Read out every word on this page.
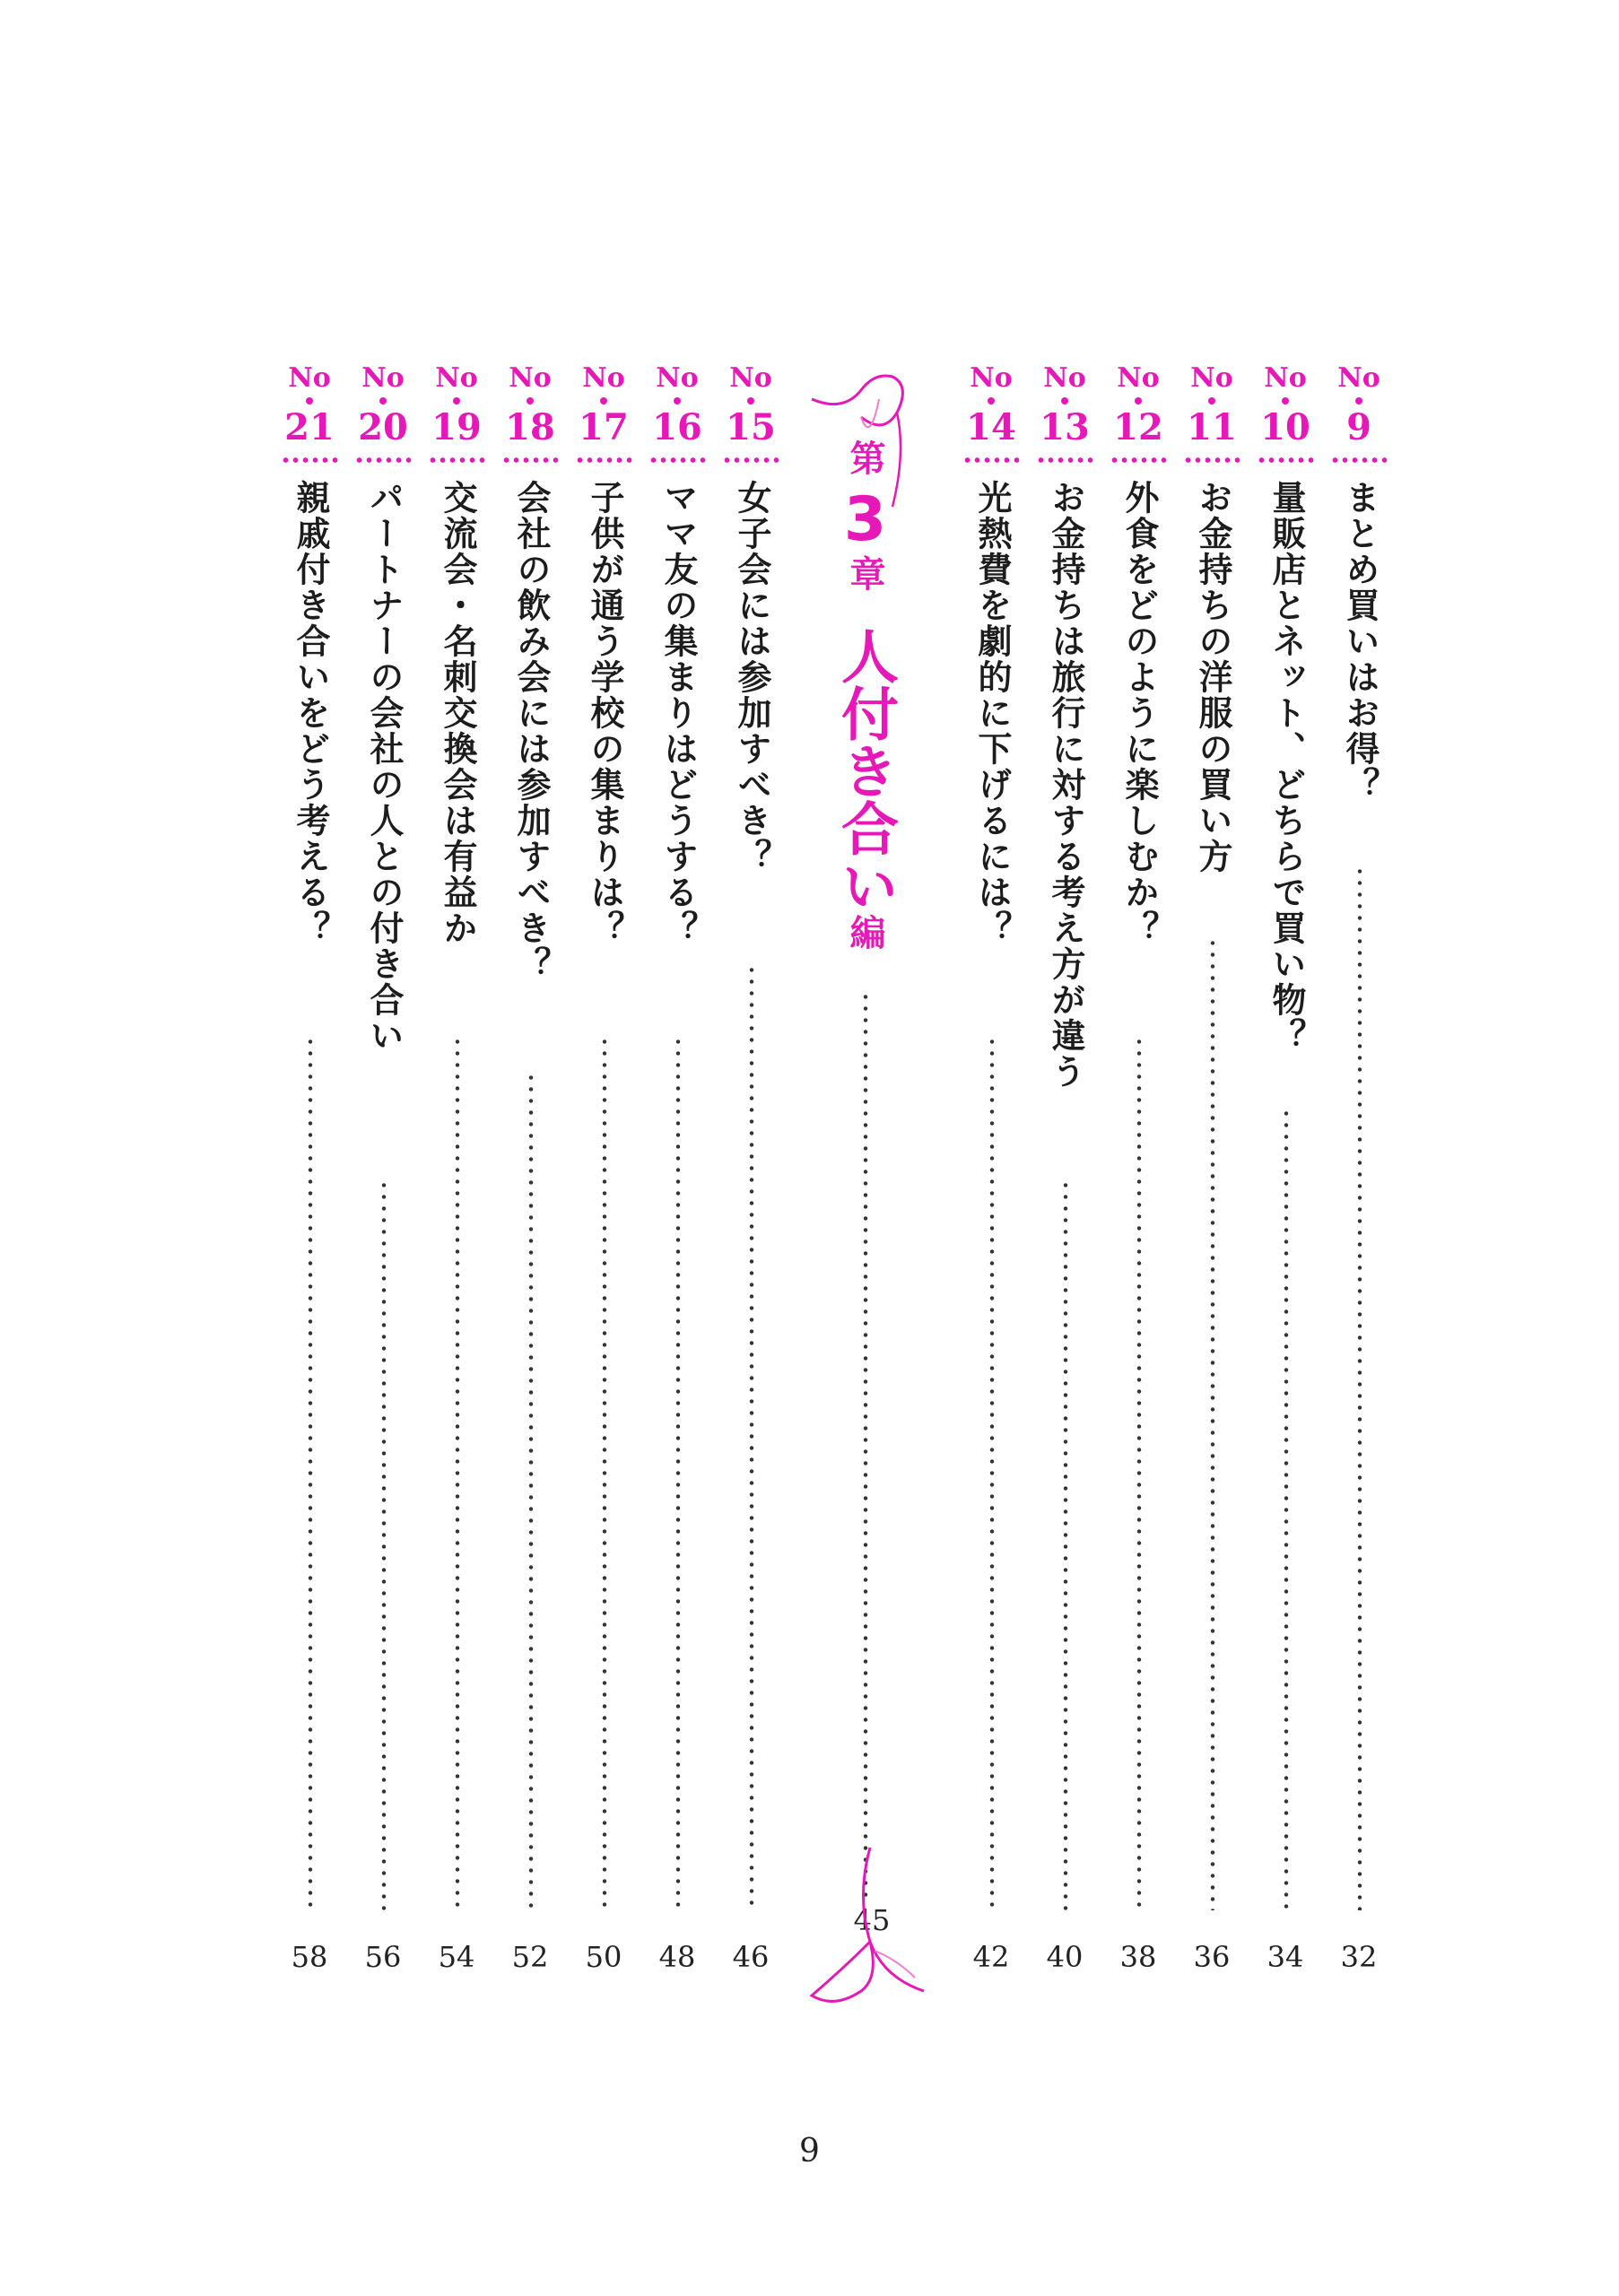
No
9
まとめ買いはお得？
32
No
10
量販店とネット、どちらで買い物？
34
No
11
お金持ちの洋服の買い方
36
No
12
外食をどのように楽しむか？
38
No
13
お金持ちは旅行に対する考え方が違う
40
No
14
光熱費を劇的に下げるには？
42
第3章人付き合い編
45
No
15
女子会には参加すべき？
46
No
16
ママ友の集まりはどうする？
48
No
17
子供が通う学校の集まりは？
50
No
18
会社の飲み会には参加すべき？
52
No
19
交流会・名刺交換会は有益か
54
No
20
パートナーの会社の人との付き合い
56
No
21
親戚付き合いをどう考える？
58
9
